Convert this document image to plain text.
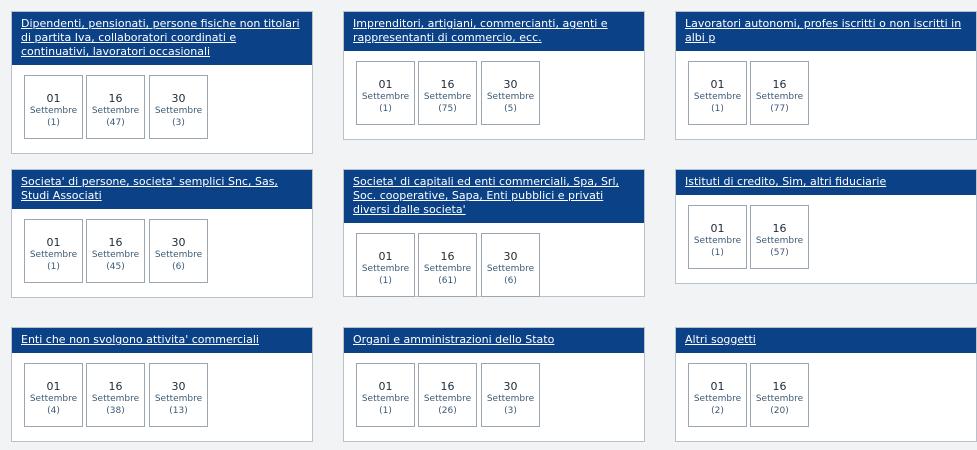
Dipendenti, pensionati, persone fisiche non titolari di partita Iva, collaboratori coordinati e continuativi, lavoratori occasionali
01
Settembre
(1)
16
Settembre
(47)
30
Settembre
(3)
Imprenditori, artigiani, commercianti, agenti e rappresentanti di commercio, ecc.
01
Settembre
(1)
16
Settembre
(75)
30
Settembre
(5)
Lavoratori autonomi, profes iscritti o non iscritti in albi p
01
Settembre
(1)
16
Settembre
(77)
Societa' di persone, societa' semplici Snc, Sas, Studi Associati
01
Settembre
(1)
16
Settembre
(45)
30
Settembre
(6)
Societa' di capitali ed enti commerciali, Spa, Srl, Soc. cooperative, Sapa, Enti pubblici e privati diversi dalle societa'
01
Settembre
(1)
16
Settembre
(61)
30
Settembre
(6)
Istituti di credito, Sim, altri fiduciarie
01
Settembre
(1)
16
Settembre
(57)
Enti che non svolgono attivita' commerciali
01
Settembre
(4)
16
Settembre
(38)
30
Settembre
(13)
Organi e amministrazioni dello Stato
01
Settembre
(1)
16
Settembre
(26)
30
Settembre
(3)
Altri soggetti
01
Settembre
(2)
16
Settembre
(20)
